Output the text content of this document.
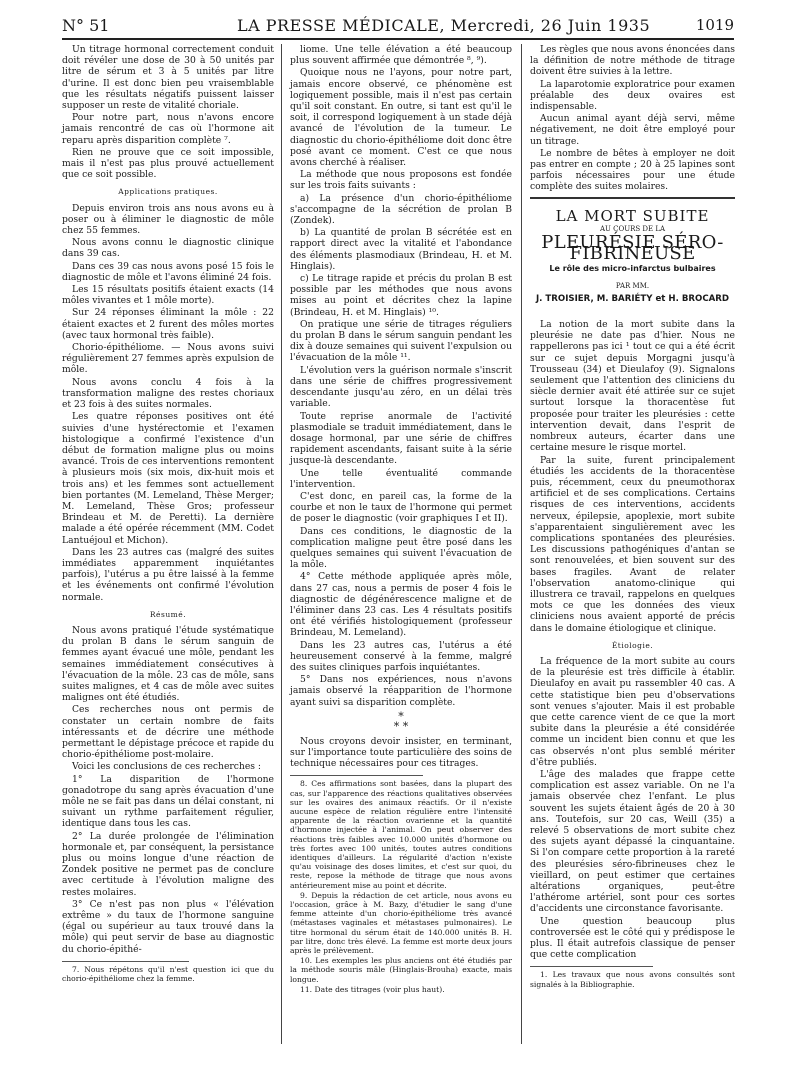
N° 51	LA PRESSE MÉDICALE, Mercredi, 26 Juin 1935	1019

Un titrage hormonal correctement conduit doit révéler une dose de 30 à 50 unités par litre de sérum et 3 à 5 unités par litre d'urine. Il est donc bien peu vraisemblable que les résultats négatifs puissent laisser supposer un reste de vitalité choriale.

Pour notre part, nous n'avons encore jamais rencontré de cas où l'hormone ait reparu après disparition complète ⁷.

Rien ne prouve que ce soit impossible, mais il n'est pas plus prouvé actuellement que ce soit possible.

Applications pratiques.

Depuis environ trois ans nous avons eu à poser ou à éliminer le diagnostic de môle chez 55 femmes.

Nous avons connu le diagnostic clinique dans 39 cas.

Dans ces 39 cas nous avons posé 15 fois le diagnostic de môle et l'avons éliminé 24 fois.

Les 15 résultats positifs étaient exacts (14 môles vivantes et 1 môle morte).

Sur 24 réponses éliminant la môle : 22 étaient exactes et 2 furent des môles mortes (avec taux hormonal très faible).

Chorio-épithéliome. — Nous avons suivi régulièrement 27 femmes après expulsion de môle.

Nous avons conclu 4 fois à la transformation maligne des restes choriaux et 23 fois à des suites normales.

Les quatre réponses positives ont été suivies d'une hystérectomie et l'examen histologique a confirmé l'existence d'un début de formation maligne plus ou moins avancé. Trois de ces interventions remontent à plusieurs mois (six mois, dix-huit mois et trois ans) et les femmes sont actuellement bien portantes (M. Lemeland, Thèse Merger; M. Lemeland, Thèse Gros; professeur Brindeau et M. de Peretti). La dernière malade a été opérée récemment (MM. Codet Lantuéjoul et Michon).

Dans les 23 autres cas (malgré des suites immédiates apparemment inquiétantes parfois), l'utérus a pu être laissé à la femme et les événements ont confirmé l'évolution normale.

Résumé.

Nous avons pratiqué l'étude systématique du prolan B dans le sérum sanguin de femmes ayant évacué une môle, pendant les semaines immédiatement consécutives à l'évacuation de la môle. 23 cas de môle, sans suites malignes, et 4 cas de môle avec suites malignes ont été étudiés.

Ces recherches nous ont permis de constater un certain nombre de faits intéressants et de décrire une méthode permettant le dépistage précoce et rapide du chorio-épithéliome post-molaire.

Voici les conclusions de ces recherches :

1° La disparition de l'hormone gonadotrope du sang après évacuation d'une môle ne se fait pas dans un délai constant, ni suivant un rythme parfaitement régulier, identique dans tous les cas.

2° La durée prolongée de l'élimination hormonale et, par conséquent, la persistance plus ou moins longue d'une réaction de Zondek positive ne permet pas de conclure avec certitude à l'évolution maligne des restes molaires.

3° Ce n'est pas non plus « l'élévation extrême » du taux de l'hormone sanguine (égal ou supérieur au taux trouvé dans la môle) qui peut servir de base au diagnostic du chorio-épithé-

7. Nous répétons qu'il n'est question ici que du chorio-épithéliome chez la femme.

liome. Une telle élévation a été beaucoup plus souvent affirmée que démontrée ⁸, ⁹).

Quoique nous ne l'ayons, pour notre part, jamais encore observé, ce phénomène est logiquement possible, mais il n'est pas certain qu'il soit constant. En outre, si tant est qu'il le soit, il correspond logiquement à un stade déjà avancé de l'évolution de la tumeur. Le diagnostic du chorio-épithéliome doit donc être posé avant ce moment. C'est ce que nous avons cherché à réaliser.

La méthode que nous proposons est fondée sur les trois faits suivants :

a) La présence d'un chorio-épithéliome s'accompagne de la sécrétion de prolan B (Zondek).

b) La quantité de prolan B sécrétée est en rapport direct avec la vitalité et l'abondance des éléments plasmodiaux (Brindeau, H. et M. Hinglais).

c) Le titrage rapide et précis du prolan B est possible par les méthodes que nous avons mises au point et décrites chez la lapine (Brindeau, H. et M. Hinglais) ¹⁰.

On pratique une série de titrages réguliers du prolan B dans le sérum sanguin pendant les dix à douze semaines qui suivent l'expulsion ou l'évacuation de la môle ¹¹.

L'évolution vers la guérison normale s'inscrit dans une série de chiffres progressivement descendante jusqu'au zéro, en un délai très variable.

Toute reprise anormale de l'activité plasmodiale se traduit immédiatement, dans le dosage hormonal, par une série de chiffres rapidement ascendants, faisant suite à la série jusque-là descendante.

Une telle éventualité commande l'intervention.

C'est donc, en pareil cas, la forme de la courbe et non le taux de l'hormone qui permet de poser le diagnostic (voir graphiques I et II).

Dans ces conditions, le diagnostic de la complication maligne peut être posé dans les quelques semaines qui suivent l'évacuation de la môle.

4° Cette méthode appliquée après môle, dans 27 cas, nous a permis de poser 4 fois le diagnostic de dégénérescence maligne et de l'éliminer dans 23 cas. Les 4 résultats positifs ont été vérifiés histologiquement (professeur Brindeau, M. Lemeland).

Dans les 23 autres cas, l'utérus a été heureusement conservé à la femme, malgré des suites cliniques parfois inquiétantes.

5° Dans nos expériences, nous n'avons jamais observé la réapparition de l'hormone ayant suivi sa disparition complète.

*
* *

Nous croyons devoir insister, en terminant, sur l'importance toute particulière des soins de technique nécessaires pour ces titrages.

8. Ces affirmations sont basées, dans la plupart des cas, sur l'apparence des réactions qualitatives observées sur les ovaires des animaux réactifs. Or il n'existe aucune espèce de relation régulière entre l'intensité apparente de la réaction ovarienne et la quantité d'hormone injectée à l'animal. On peut observer des réactions très faibles avec 10.000 unités d'hormone ou très fortes avec 100 unités, toutes autres conditions identiques d'ailleurs. La régularité d'action n'existe qu'au voisinage des doses limites, et c'est sur quoi, du reste, repose la méthode de titrage que nous avons antérieurement mise au point et décrite.

9. Depuis la rédaction de cet article, nous avons eu l'occasion, grâce à M. Bazy, d'étudier le sang d'une femme atteinte d'un chorio-épithéliome très avancé (métastases vaginales et métastases pulmonaires). Le titre hormonal du sérum était de 140.000 unités B. H. par litre, donc très élevé. La femme est morte deux jours après le prélèvement.

10. Les exemples les plus anciens ont été étudiés par la méthode souris mâle (Hinglais-Brouha) exacte, mais longue.

11. Date des titrages (voir plus haut).

Les règles que nous avons énoncées dans la définition de notre méthode de titrage doivent être suivies à la lettre.

La laparotomie exploratrice pour examen préalable des deux ovaires est indispensable.

Aucun animal ayant déjà servi, même négativement, ne doit être employé pour un titrage.

Le nombre de bêtes à employer ne doit pas entrer en compte ; 20 à 25 lapines sont parfois nécessaires pour une étude complète des suites molaires.

LA MORT SUBITE
AU COURS DE LA
PLEURÉSIE SÉRO-FIBRINEUSE
Le rôle des micro-infarctus bulbaires
PAR MM.
J. TROISIER, M. BARIÉTY et H. BROCARD

La notion de la mort subite dans la pleurésie ne date pas d'hier. Nous ne rappellerons pas ici ¹ tout ce qui a été écrit sur ce sujet depuis Morgagni jusqu'à Trousseau (34) et Dieulafoy (9). Signalons seulement que l'attention des cliniciens du siècle dernier avait été attirée sur ce sujet surtout lorsque la thoracentèse fut proposée pour traiter les pleurésies : cette intervention devait, dans l'esprit de nombreux auteurs, écarter dans une certaine mesure le risque mortel.

Par la suite, furent principalement étudiés les accidents de la thoracentèse puis, récemment, ceux du pneumothorax artificiel et de ses complications. Certains risques de ces interventions, accidents nerveux, épilepsie, apoplexie, mort subite s'apparentaient singulièrement avec les complications spontanées des pleurésies. Les discussions pathogéniques d'antan se sont renouvelées, et bien souvent sur des bases fragiles. Avant de relater l'observation anatomo-clinique qui illustrera ce travail, rappelons en quelques mots ce que les données des vieux cliniciens nous avaient apporté de précis dans le domaine étiologique et clinique.

Étiologie.

La fréquence de la mort subite au cours de la pleurésie est très difficile à établir. Dieulafoy en avait pu rassembler 40 cas. A cette statistique bien peu d'observations sont venues s'ajouter. Mais il est probable que cette carence vient de ce que la mort subite dans la pleurésie a été considérée comme un incident bien connu et que les cas observés n'ont plus semblé mériter d'être publiés.

L'âge des malades que frappe cette complication est assez variable. On ne l'a jamais observée chez l'enfant. Le plus souvent les sujets étaient âgés de 20 à 30 ans. Toutefois, sur 20 cas, Weill (35) a relevé 5 observations de mort subite chez des sujets ayant dépassé la cinquantaine. Si l'on compare cette proportion à la rareté des pleurésies séro-fibrineuses chez le vieillard, on peut estimer que certaines altérations organiques, peut-être l'athérome artériel, sont pour ces sortes d'accidents une circonstance favorisante.

Une question beaucoup plus controversée est le côté qui y prédispose le plus. Il était autrefois classique de penser que cette complication

1. Les travaux que nous avons consultés sont signalés à la Bibliographie.
